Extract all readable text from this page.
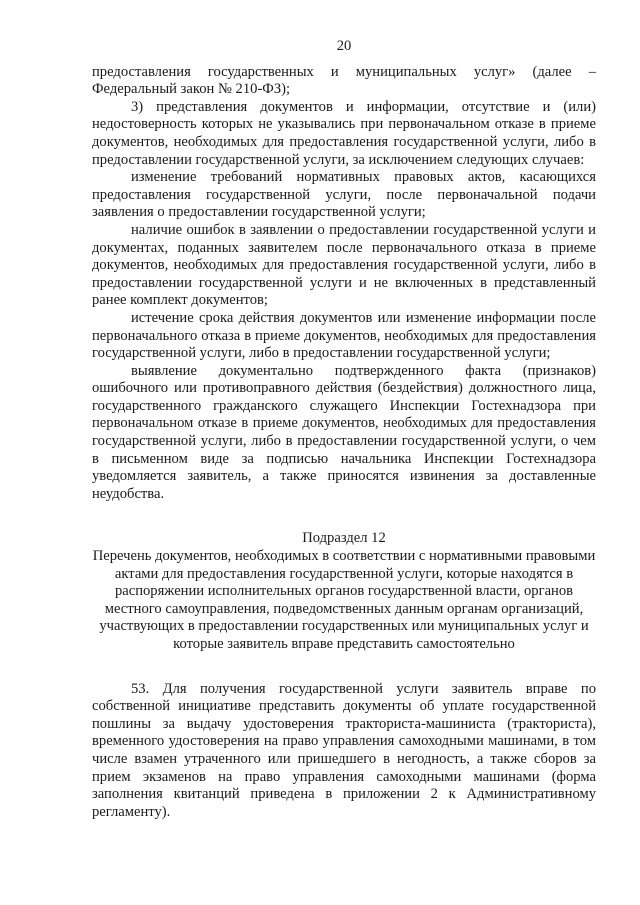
20

предоставления государственных и муниципальных услуг» (далее – Федеральный закон № 210-ФЗ);

3) представления документов и информации, отсутствие и (или) недостоверность которых не указывались при первоначальном отказе в приеме документов, необходимых для предоставления государственной услуги, либо в предоставлении государственной услуги, за исключением следующих случаев:

изменение требований нормативных правовых актов, касающихся предоставления государственной услуги, после первоначальной подачи заявления о предоставлении государственной услуги;

наличие ошибок в заявлении о предоставлении государственной услуги и документах, поданных заявителем после первоначального отказа в приеме документов, необходимых для предоставления государственной услуги, либо в предоставлении государственной услуги и не включенных в представленный ранее комплект документов;

истечение срока действия документов или изменение информации после первоначального отказа в приеме документов, необходимых для предоставления государственной услуги, либо в предоставлении государственной услуги;

выявление документально подтвержденного факта (признаков) ошибочного или противоправного действия (бездействия) должностного лица, государственного гражданского служащего Инспекции Гостехнадзора при первоначальном отказе в приеме документов, необходимых для предоставления государственной услуги, либо в предоставлении государственной услуги, о чем в письменном виде за подписью начальника Инспекции Гостехнадзора уведомляется заявитель, а также приносятся извинения за доставленные неудобства.

Подраздел 12
Перечень документов, необходимых в соответствии с нормативными правовыми актами для предоставления государственной услуги, которые находятся в распоряжении исполнительных органов государственной власти, органов местного самоуправления, подведомственных данным органам организаций, участвующих в предоставлении государственных или муниципальных услуг и которые заявитель вправе представить самостоятельно

53. Для получения государственной услуги заявитель вправе по собственной инициативе представить документы об уплате государственной пошлины за выдачу удостоверения тракториста-машиниста (тракториста), временного удостоверения на право управления самоходными машинами, в том числе взамен утраченного или пришедшего в негодность, а также сборов за прием экзаменов на право управления самоходными машинами (форма заполнения квитанций приведена в приложении 2 к Административному регламенту).
